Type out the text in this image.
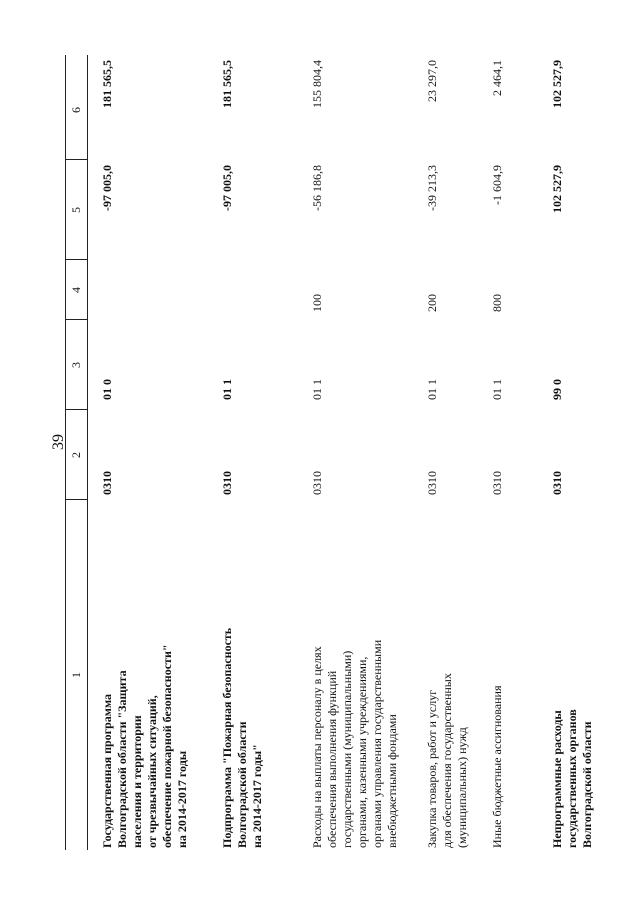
39
1
2
3
4
5
6
Государственная программа Волгоградской области "Защита населения и территории от чрезвычайных ситуаций, обеспечение пожарной безопасности" на 2014-2017 годы
0310
01 0
-97 005,0
181 565,5
Подпрограмма "Пожарная безопасность Волгоградской области на 2014-2017 годы"
0310
01 1
-97 005,0
181 565,5
Расходы на выплаты персоналу в целях обеспечения выполнения функций государственными (муниципальными) органами, казенными учреждениями, органами управления государственными внебюджетными фондами
0310
01 1
100
-56 186,8
155 804,4
Закупка товаров, работ и услуг для обеспечения государственных (муниципальных) нужд
0310
01 1
200
-39 213,3
23 297,0
Иные бюджетные ассигнования
0310
01 1
800
-1 604,9
2 464,1
Непрограммные расходы государственных органов Волгоградской области
0310
99 0
102 527,9
102 527,9
